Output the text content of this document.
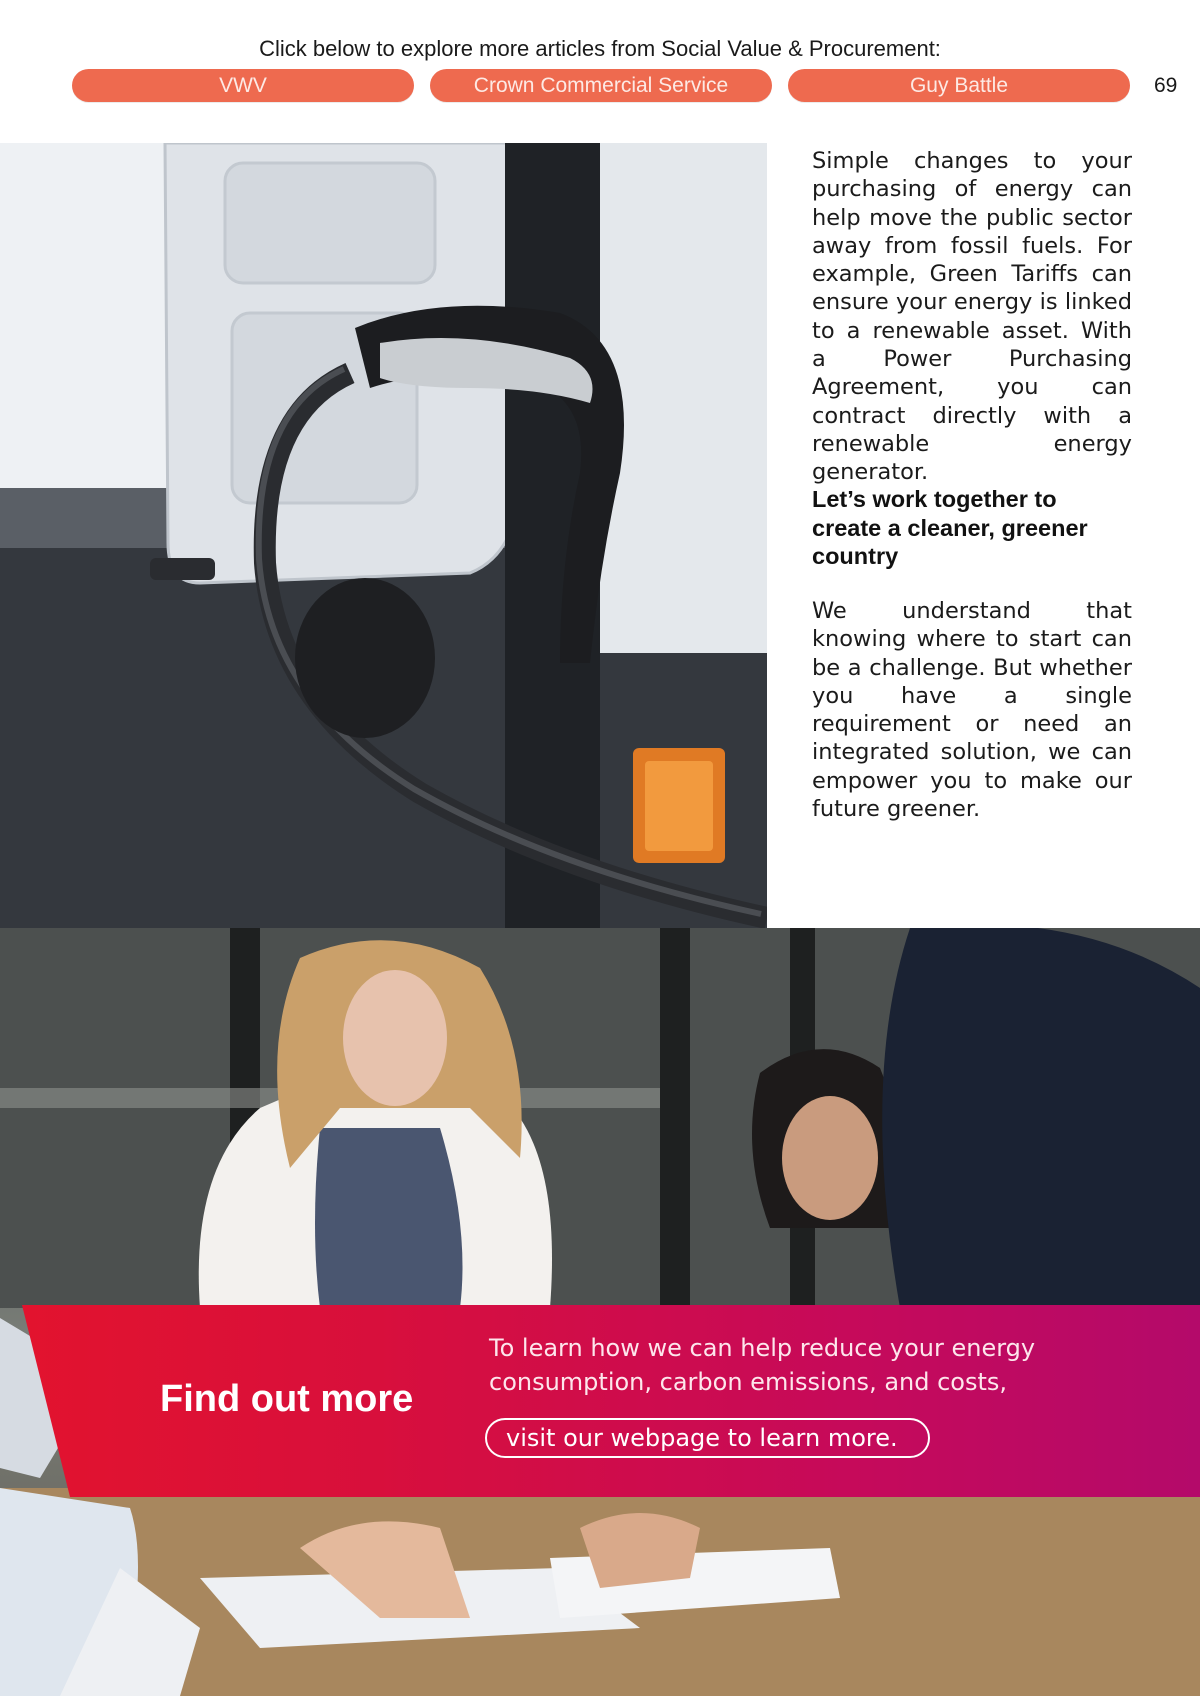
Click below to explore more articles from Social Value & Procurement:
VWV	Crown Commercial Service	Guy Battle	69
Simple changes to your purchasing of energy can help move the public sector away from fossil fuels. For example, Green Tariffs can ensure your energy is linked to a renewable asset. With a Power Purchasing Agreement, you can contract directly with a renewable energy generator.
Let’s work together to create a cleaner, greener country
We understand that knowing where to start can be a challenge. But whether you have a single requirement or need an integrated solution, we can empower you to make our future greener.
Find out more
To learn how we can help reduce your energy consumption, carbon emissions, and costs,
visit our webpage to learn more.
